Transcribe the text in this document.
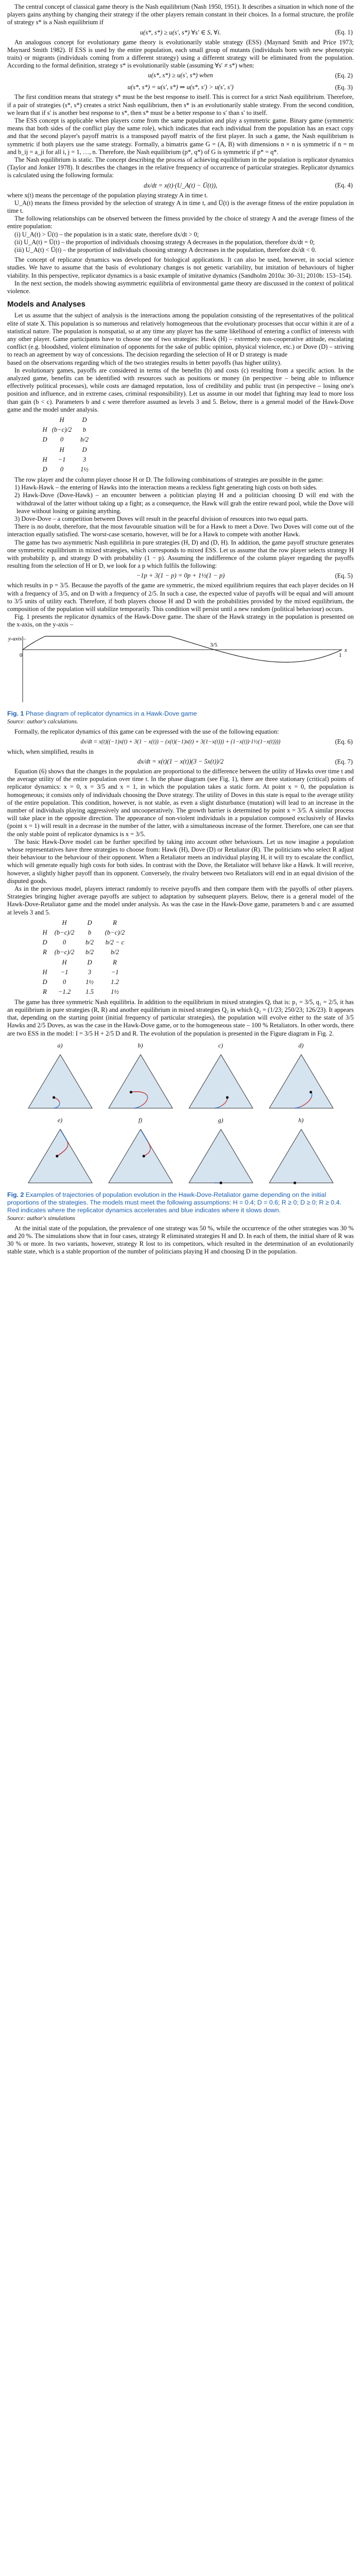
The central concept of classical game theory is the Nash equilibrium (Nash 1950, 1951). It describes a situation in which none of the players gains anything by changing their strategy if the other players remain constant in their choices. In a formal structure, the profile of strategy s* is a Nash equilibrium if

u(s*, s*) ≥ u(s′, s*) ∀s′ ∈ S, ∀i.	(Eq. 1)

An analogous concept for evolutionary game theory is evolutionarily stable strategy (ESS) (Maynard Smith and Price 1973; Maynard Smith 1982). If ESS is used by the entire population, each small group of mutants (individuals born with new phenotypic traits) or migrants (individuals coming from a different strategy) using a different strategy will be eliminated from the population. According to the formal definition, strategy s* is evolutionarily stable (assuming ∀s′ ≠ s*) when:

u(s*, s*) ≥ u(s′, s*) when	(Eq. 2)
u(s*, s*) = u(s′, s*) ⇒ u(s*, s′) > u(s′, s′)	(Eq. 3)

The first condition means that strategy s* must be the best response to itself. This is correct for a strict Nash equilibrium. Therefore, if a pair of strategies (s*, s*) creates a strict Nash equilibrium, then s* is an evolutionarily stable strategy. From the second condition, we learn that if s′ is another best response to s*, then s* must be a better response to s′ than s′ to itself.

The ESS concept is applicable when players come from the same population and play a symmetric game. Binary game (symmetric means that both sides of the conflict play the same role), which indicates that each individual from the population has an exact copy and that the second player's payoff matrix is a transposed payoff matrix of the first player. In such a game, the Nash equilibrium is symmetric if both players use the same strategy. Formally, a bimatrix game G = (A, B) with dimensions n × n is symmetric if n = m and b_ij = a_ji for all i, j = 1, …, n. Therefore, the Nash equilibrium (p*, q*) of G is symmetric if p* = q*.

The Nash equilibrium is static. The concept describing the process of achieving equilibrium in the population is replicator dynamics (Taylor and Jonker 1978). It describes the changes in the relative frequency of occurrence of particular strategies. Replicator dynamics is calculated using the following formula:

dx/dt = x(t)·(U_A(t) − Ū(t)),	(Eq. 4)

where x(t) means the percentage of the population playing strategy A in time t.

U_A(t) means the fitness provided by the selection of strategy A in time t, and Ū(t) is the average fitness of the entire population in time t.

The following relationships can be observed between the fitness provided by the choice of strategy A and the average fitness of the entire population:

(i) U_A(t) > Ū(t) – the population is in a static state, therefore dx/dt > 0;
(ii) U_A(t) = Ū(t) – the proportion of individuals choosing strategy A decreases in the population, therefore dx/dt = 0;
(iii) U_A(t) < Ū(t) – the proportion of individuals choosing strategy A decreases in the population, therefore dx/dt < 0.

The concept of replicator dynamics was developed for biological applications. It can also be used, however, in social science studies. We have to assume that the basis of evolutionary changes is not genetic variability, but imitation of behaviours of higher viability. In this perspective, replicator dynamics is a basic example of imitative dynamics (Sandholm 2010a: 30–31; 2010b: 153–154).

In the next section, the models showing asymmetric equilibria of environmental game theory are discussed in the context of political violence.

Models and Analyses

Let us assume that the subject of analysis is the interactions among the population consisting of the representatives of the political elite of state X. This population is so numerous and relatively homogeneous that the evolutionary processes that occur within it are of a statistical nature. The population is nonspatial, so at any time any player has the same likelihood of entering a conflict of interests with any other player. Game participants have to choose one of two strategies: Hawk (H) – extremely non-cooperative attitude, escalating conflict (e.g. bloodshed, violent elimination of opponents for the sake of public opinion, physical violence, etc.) or Dove (D) – striving to reach an agreement by way of concessions. The decision regarding the selection of H or D strategy is made

based on the observations regarding which of the two strategies results in better payoffs (has higher utility).

In evolutionary games, payoffs are considered in terms of the benefits (b) and costs (c) resulting from a specific action. In the analyzed game, benefits can be identified with resources such as positions or money (in perspective – being able to influence effectively political processes), while costs are damaged reputation, loss of credibility and public trust (in perspective – losing one's position and influence, and in extreme cases, criminal responsibility). Let us assume in our model that fighting may lead to more loss than gain (b < c). Parameters b and c were therefore assumed as levels 3 and 5. Below, there is a general model of the Hawk-Dove game and the model under analysis.

H	D
H (b−c)/2	b
D	0	b/2
H	D
H	−1	3
D	0	1½

The row player and the column player choose H or D. The following combinations of strategies are possible in the game:

1) Hawk-Hawk – the entering of Hawks into the interaction means a reckless fight generating high costs on both sides.
2) Hawk-Dove (Dove-Hawk) – an encounter between a politician playing H and a politician choosing D will end with the withdrawal of the latter without taking up a fight; as a consequence, the Hawk will grab the entire reward pool, while the Dove will leave without losing or gaining anything.
3) Dove-Dove – a competition between Doves will result in the peaceful division of resources into two equal parts.

There is no doubt, therefore, that the most favourable situation will be for a Hawk to meet a Dove. Two Doves will come out of the interaction equally satisfied. The worst-case scenario, however, will be for a Hawk to compete with another Hawk.

The game has two asymmetric Nash equilibria in pure strategies (H, D) and (D, H). In addition, the game payoff structure generates one symmetric equilibrium in mixed strategies, which corresponds to mixed ESS. Let us assume that the row player selects strategy H with probability p, and strategy D with probability (1 − p). Assuming the indifference of the column player regarding the payoffs resulting from the selection of H or D, we look for a p which fulfils the following:

−1p + 3(1 − p) = 0p + 1½(1 − p)	(Eq. 5)

which results in p = 3/5. Because the payoffs of the game are symmetric, the mixed equilibrium requires that each player decides on H with a frequency of 3/5, and on D with a frequency of 2/5. In such a case, the expected value of payoffs will be equal and will amount to 3/5 units of utility each. Therefore, if both players choose H and D with the probabilities provided by the mixed equilibrium, the composition of the population will stabilize temporarily. This condition will persist until a new random (political behaviour) occurs.

Fig. 1 presents the replicator dynamics of the Hawk-Dove game. The share of the Hawk strategy in the population is presented on the x-axis, on the y-axis –

y-axis –
0
3/5
1
x
Fig. 1 Phase diagram of replicator dynamics in a Hawk-Dove game
Source: author's calculations.

Formally, the replicator dynamics of this game can be expressed with the use of the following equation:

dx/dt = x(t)((−1)x(t) + 3(1 − x(t)) − (x(t)(−1)x(t) + 3(1−x(t))) + (1−x(t))·1½(1−x(t))))	(Eq. 6)

which, when simplified, results in

dx/dt = x(t)(1 − x(t))(3 − 5x(t))/2	(Eq. 7)

Equation (6) shows that the changes in the population are proportional to the difference between the utility of Hawks over time t and the average utility of the entire population over time t. In the phase diagram (see Fig. 1), there are three stationary (critical) points of replicator dynamics: x = 0, x = 3/5 and x = 1, in which the population takes a static form. At point x = 0, the population is homogeneous; it consists only of individuals choosing the Dove strategy. The utility of Doves in this state is equal to the average utility of the entire population. This condition, however, is not stable, as even a slight disturbance (mutation) will lead to an increase in the number of individuals playing aggressively and uncooperatively. The growth barrier is determined by point x = 3/5. A similar process will take place in the opposite direction. The appearance of non-violent individuals in a population composed exclusively of Hawks (point x = 1) will result in a decrease in the number of the latter, with a simultaneous increase of the former. Therefore, one can see that the only stable point of replicator dynamics is x = 3/5.

The basic Hawk-Dove model can be further specified by taking into account other behaviours. Let us now imagine a population whose representatives have three strategies to choose from: Hawk (H), Dove (D) or Retaliator (R). The politicians who select R adjust their behaviour to the behaviour of their opponent. When a Retaliator meets an individual playing H, it will try to escalate the conflict, which will generate equally high costs for both sides. In contrast with the Dove, the Retaliator will behave like a Hawk. It will receive, however, a slightly higher payoff than its opponent. Conversely, the rivalry between two Retaliators will end in an equal division of the disputed goods.

As in the previous model, players interact randomly to receive payoffs and then compare them with the payoffs of other players. Strategies bringing higher average payoffs are subject to adaptation by subsequent players. Below, there is a general model of the Hawk-Dove-Retaliator game and the model under analysis. As was the case in the Hawk-Dove game, parameters b and c are assumed at levels 3 and 5.

H	D	R
H	(b−c)/2	b	(b−c)/2
D	0	b/2	b/2 − c
R	(b−c)/2	b/2	b/2
H	D	R
H	−1	3	−1
D	0	1½	1.2
R	−1.2	1.5	1½

The game has three symmetric Nash equilibria. In addition to the equilibrium in mixed strategies Q, that is: p₁ = 3/5, q₁ = 2/5, it has an equilibrium in pure strategies (R, R) and another equilibrium in mixed strategies Q₂ in which Q₂ = (1/23; 250/23; 126/23). It appears that, depending on the starting point (initial frequency of particular strategies), the population will evolve either to the state of 3/5 Hawks and 2/5 Doves, as was the case in the Hawk-Dove game, or to the homogeneous state – 100 % Retaliators. In other words, there are two ESS in the model: I = 3/5 H + 2/5 D and R. The evolution of the population is presented in the Figure diagram in Fig. 2.

a)	b)	c)	d)
e)	f)	g)	h)
Fig. 2 Examples of trajectories of population evolution in the Hawk-Dove-Retaliator game depending on the initial proportions of the strategies. The models must meet the following assumptions: H = 0.4; D = 0.6; R ≥ 0; D ≥ 0; R ≥ 0.4. Red indicates where the replicator dynamics accelerates and blue indicates where it slows down.
Source: author's simulations

At the initial state of the population, the prevalence of one strategy was 50 %, while the occurrence of the other strategies was 30 % and 20 %. The simulations show that in four cases, strategy R eliminated strategies H and D. In each of them, the initial share of R was 30 % or more. In two variants, however, strategy R lost to its competitors, which resulted in the determination of an evolutionarily stable state, which is a stable proportion of the number of politicians playing H and choosing D in the population.
